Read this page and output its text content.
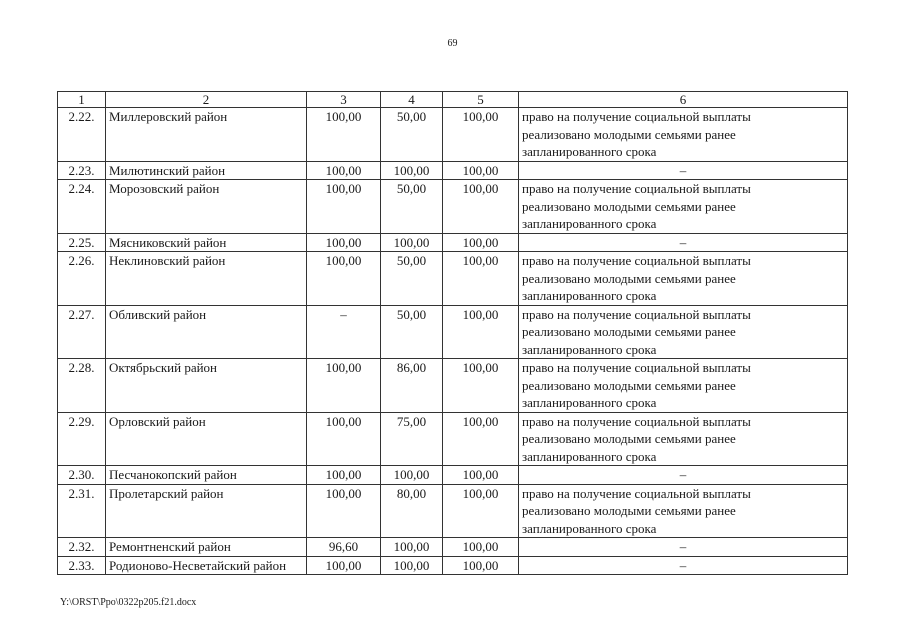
69
1	2	3	4	5	6
2.22.	Миллеровский район	100,00	50,00	100,00	право на получение социальной выплаты
реализовано молодыми семьями ранее
запланированного срока

2.23.	Милютинский район	100,00	100,00	100,00	–

2.24.	Морозовский район	100,00	50,00	100,00	право на получение социальной выплаты
реализовано молодыми семьями ранее
запланированного срока

2.25.	Мясниковский район	100,00	100,00	100,00	–

2.26.	Неклиновский район	100,00	50,00	100,00	право на получение социальной выплаты
реализовано молодыми семьями ранее
запланированного срока

2.27.	Обливский район	–	50,00	100,00	право на получение социальной выплаты
реализовано молодыми семьями ранее
запланированного срока

2.28.	Октябрьский район	100,00	86,00	100,00	право на получение социальной выплаты
реализовано молодыми семьями ранее
запланированного срока

2.29.	Орловский район	100,00	75,00	100,00	право на получение социальной выплаты
реализовано молодыми семьями ранее
запланированного срока

2.30.	Песчанокопский район	100,00	100,00	100,00	–

2.31.	Пролетарский район	100,00	80,00	100,00	право на получение социальной выплаты
реализовано молодыми семьями ранее
запланированного срока

2.32.	Ремонтненский район	96,60	100,00	100,00	–

2.33.	Родионово-Несветайский район	100,00	100,00	100,00	–
Y:\ORST\Ppo\0322p205.f21.docx
